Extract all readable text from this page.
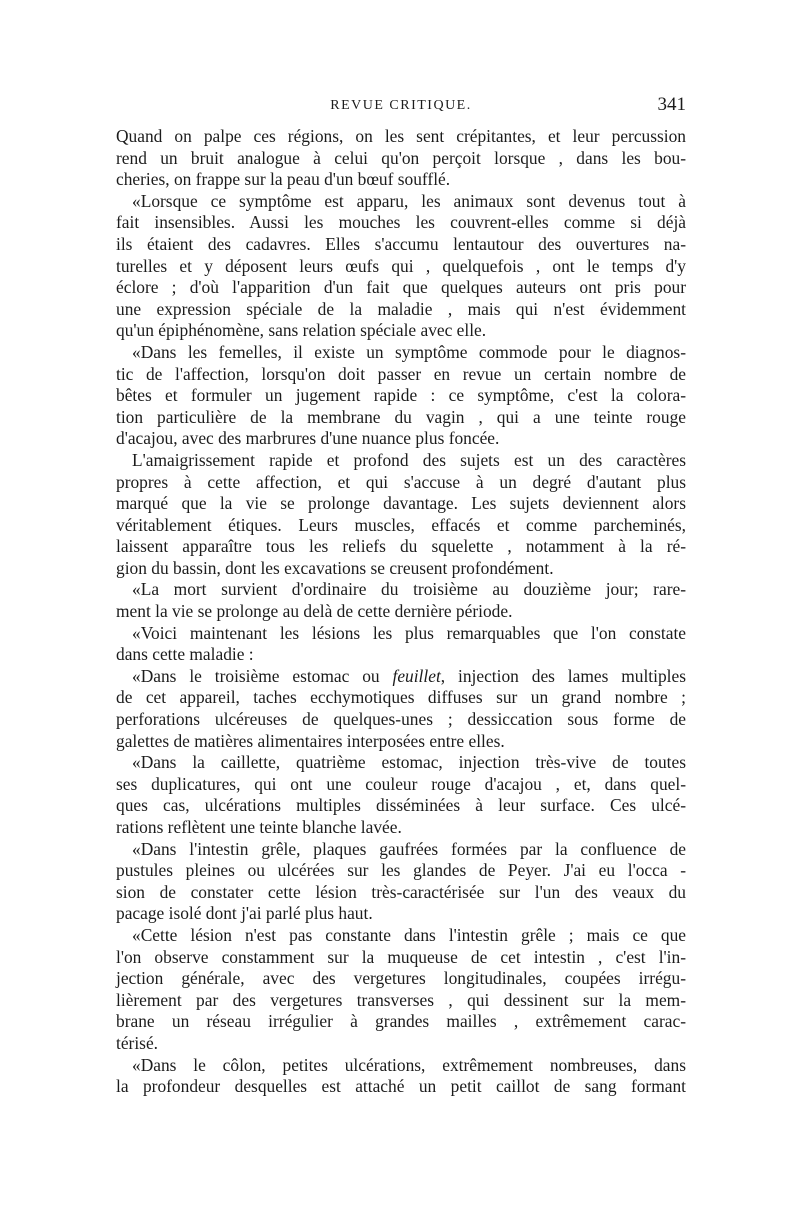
REVUE CRITIQUE.	341
Quand on palpe ces régions, on les sent crépitantes, et leur percussion
rend un bruit analogue à celui qu'on perçoit lorsque , dans les bou-
cheries, on frappe sur la peau d'un bœuf soufflé.
«Lorsque ce symptôme est apparu, les animaux sont devenus tout à
fait insensibles. Aussi les mouches les couvrent-elles comme si déjà
ils étaient des cadavres. Elles s'accumu lentautour des ouvertures na-
turelles et y déposent leurs œufs qui , quelquefois , ont le temps d'y
éclore ; d'où l'apparition d'un fait que quelques auteurs ont pris pour
une expression spéciale de la maladie , mais qui n'est évidemment
qu'un épiphénomène, sans relation spéciale avec elle.
«Dans les femelles, il existe un symptôme commode pour le diagnos-
tic de l'affection, lorsqu'on doit passer en revue un certain nombre de
bêtes et formuler un jugement rapide : ce symptôme, c'est la colora-
tion particulière de la membrane du vagin , qui a une teinte rouge
d'acajou, avec des marbrures d'une nuance plus foncée.
L'amaigrissement rapide et profond des sujets est un des caractères
propres à cette affection, et qui s'accuse à un degré d'autant plus
marqué que la vie se prolonge davantage. Les sujets deviennent alors
véritablement étiques. Leurs muscles, effacés et comme parcheminés,
laissent apparaître tous les reliefs du squelette , notamment à la ré-
gion du bassin, dont les excavations se creusent profondément.
«La mort survient d'ordinaire du troisième au douzième jour; rare-
ment la vie se prolonge au delà de cette dernière période.
«Voici maintenant les lésions les plus remarquables que l'on constate
dans cette maladie :
«Dans le troisième estomac ou feuillet, injection des lames multiples
de cet appareil, taches ecchymotiques diffuses sur un grand nombre ;
perforations ulcéreuses de quelques-unes ; dessiccation sous forme de
galettes de matières alimentaires interposées entre elles.
«Dans la caillette, quatrième estomac, injection très-vive de toutes
ses duplicatures, qui ont une couleur rouge d'acajou , et, dans quel-
ques cas, ulcérations multiples disséminées à leur surface. Ces ulcé-
rations reflètent une teinte blanche lavée.
«Dans l'intestin grêle, plaques gaufrées formées par la confluence de
pustules pleines ou ulcérées sur les glandes de Peyer. J'ai eu l'occa -
sion de constater cette lésion très-caractérisée sur l'un des veaux du
pacage isolé dont j'ai parlé plus haut.
«Cette lésion n'est pas constante dans l'intestin grêle ; mais ce que
l'on observe constamment sur la muqueuse de cet intestin , c'est l'in-
jection générale, avec des vergetures longitudinales, coupées irrégu-
lièrement par des vergetures transverses , qui dessinent sur la mem-
brane un réseau irrégulier à grandes mailles , extrêmement carac-
térisé.
«Dans le côlon, petites ulcérations, extrêmement nombreuses, dans
la profondeur desquelles est attaché un petit caillot de sang formant
